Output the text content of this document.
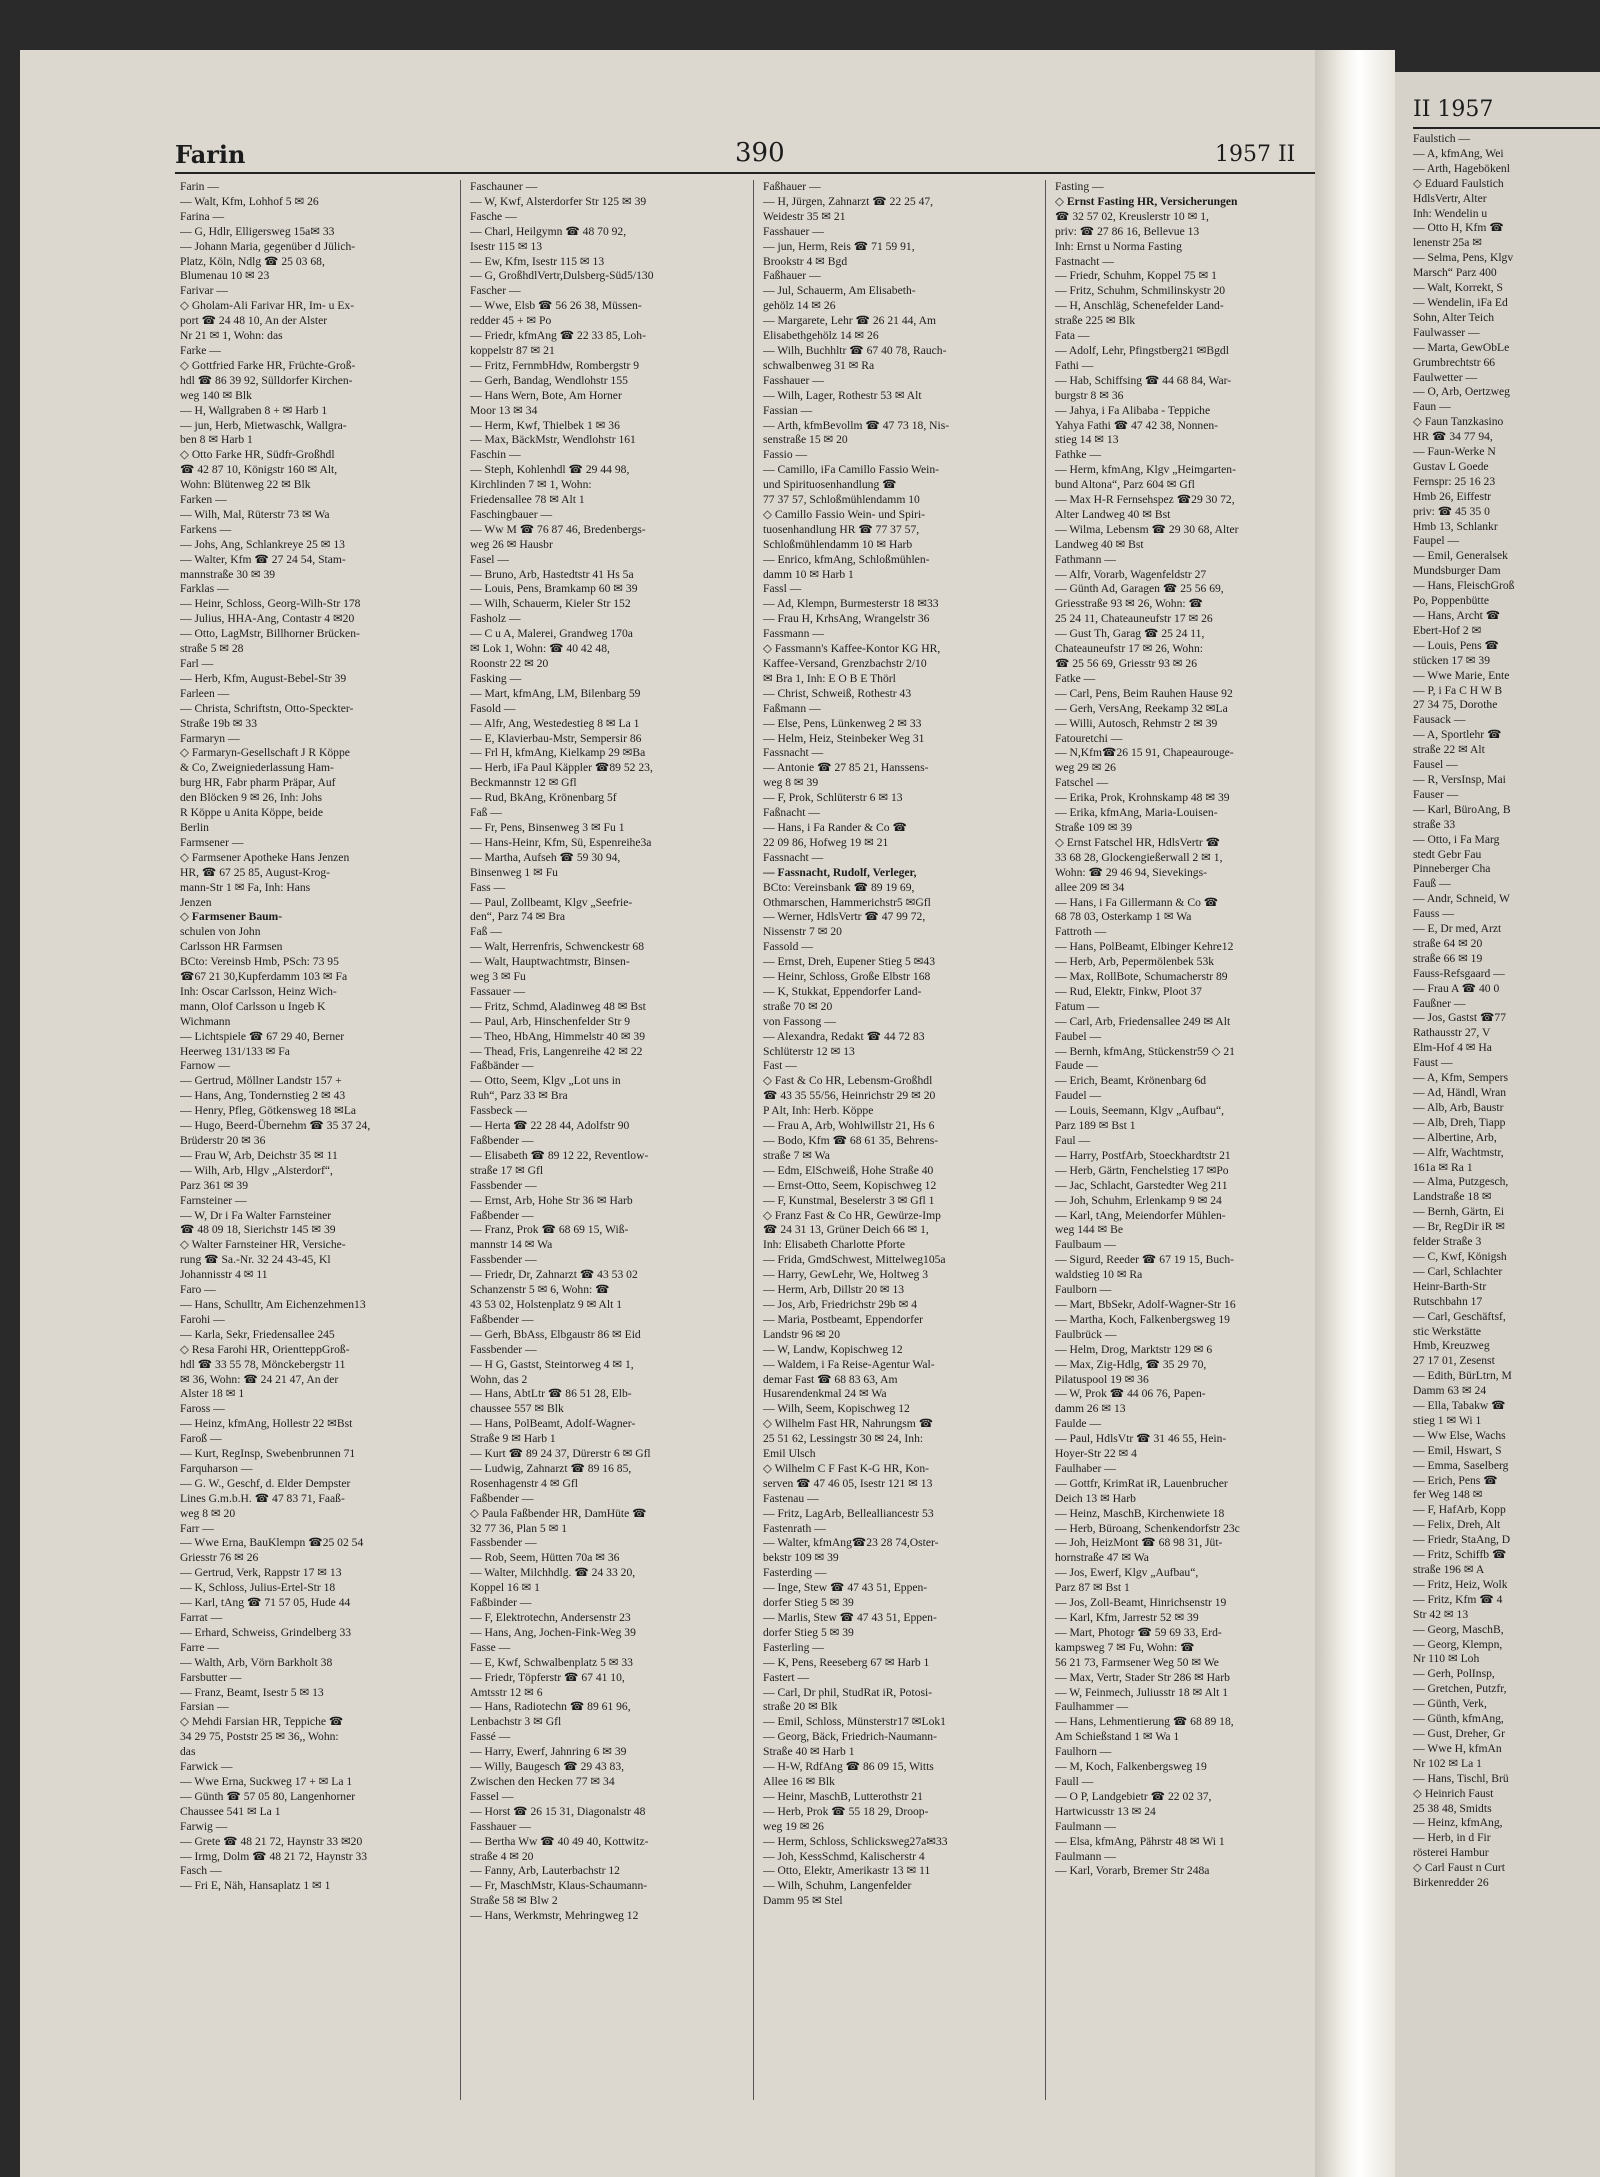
Farin	390	1957 II
Farin —
— Walt, Kfm, Lohhof 5 ✉ 26
Farina —
— G, Hdlr, Elligersweg 15a✉ 33
— Johann Maria, gegenüber d Jülich-
Platz, Köln, Ndlg ☎ 25 03 68,
Blumenau 10 ✉ 23
Farivar —
◇ Gholam-Ali Farivar HR, Im- u Ex-
port ☎ 24 48 10, An der Alster
Nr 21 ✉ 1, Wohn: das
Farke —
◇ Gottfried Farke HR, Früchte-Groß-
hdl ☎ 86 39 92, Sülldorfer Kirchen-
weg 140 ✉ Blk
— H, Wallgraben 8 + ✉ Harb 1
— jun, Herb, Mietwaschk, Wallgra-
ben 8 ✉ Harb 1
◇ Otto Farke HR, Südfr-Großhdl
☎ 42 87 10, Königstr 160 ✉ Alt,
Wohn: Blütenweg 22 ✉ Blk
Farken —
— Wilh, Mal, Rüterstr 73 ✉ Wa
Farkens —
— Johs, Ang, Schlankreye 25 ✉ 13
— Walter, Kfm ☎ 27 24 54, Stam-
mannstraße 30 ✉ 39
Farklas —
— Heinr, Schloss, Georg-Wilh-Str 178
— Julius, HHA-Ang, Contastr 4 ✉20
— Otto, LagMstr, Billhorner Brücken-
straße 5 ✉ 28
Farl —
— Herb, Kfm, August-Bebel-Str 39
Farleen —
— Christa, Schriftstn, Otto-Speckter-
Straße 19b ✉ 33
Farmaryn —
◇ Farmaryn-Gesellschaft J R Köppe
& Co, Zweigniederlassung Ham-
burg HR, Fabr pharm Präpar, Auf
den Blöcken 9 ✉ 26, Inh: Johs
R Köppe u Anita Köppe, beide
Berlin
Farmsener —
◇ Farmsener Apotheke Hans Jenzen
HR, ☎ 67 25 85, August-Krog-
mann-Str 1 ✉ Fa, Inh: Hans
Jenzen
◇ Farmsener Baum-
schulen von John
Carlsson HR Farmsen
BCto: Vereinsb Hmb, PSch: 73 95
☎67 21 30,Kupferdamm 103 ✉ Fa
Inh: Oscar Carlsson, Heinz Wich-
mann, Olof Carlsson u Ingeb K
Wichmann
— Lichtspiele ☎ 67 29 40, Berner
Heerweg 131/133 ✉ Fa
Farnow —
— Gertrud, Möllner Landstr 157 +
— Hans, Ang, Tondernstieg 2 ✉ 43
— Henry, Pfleg, Götkensweg 18 ✉La
— Hugo, Beerd-Übernehm ☎ 35 37 24,
Brüderstr 20 ✉ 36
— Frau W, Arb, Deichstr 35 ✉ 11
— Wilh, Arb, Hlgv „Alsterdorf“,
Parz 361 ✉ 39
Farnsteiner —
— W, Dr i Fa Walter Farnsteiner
☎ 48 09 18, Sierichstr 145 ✉ 39
◇ Walter Farnsteiner HR, Versiche-
rung ☎ Sa.-Nr. 32 24 43-45, Kl
Johannisstr 4 ✉ 11
Faro —
— Hans, Schulltr, Am Eichenzehmen13
Farohi —
— Karla, Sekr, Friedensallee 245
◇ Resa Farohi HR, OrientteppGroß-
hdl ☎ 33 55 78, Mönckebergstr 11
✉ 36, Wohn: ☎ 24 21 47, An der
Alster 18 ✉ 1
Faross —
— Heinz, kfmAng, Hollestr 22 ✉Bst
Faroß —
— Kurt, RegInsp, Swebenbrunnen 71
Farquharson —
— G. W., Geschf, d. Elder Dempster
Lines G.m.b.H. ☎ 47 83 71, Faaß-
weg 8 ✉ 20
Farr —
— Wwe Erna, BauKlempn ☎25 02 54
Griesstr 76 ✉ 26
— Gertrud, Verk, Rappstr 17 ✉ 13
— K, Schloss, Julius-Ertel-Str 18
— Karl, tAng ☎ 71 57 05, Hude 44
Farrat —
— Erhard, Schweiss, Grindelberg 33
Farre —
— Walth, Arb, Vörn Barkholt 38
Farsbutter —
— Franz, Beamt, Isestr 5 ✉ 13
Farsian —
◇ Mehdi Farsian HR, Teppiche ☎
34 29 75, Poststr 25 ✉ 36,, Wohn:
das
Farwick —
— Wwe Erna, Suckweg 17 + ✉ La 1
— Günth ☎ 57 05 80, Langenhorner
Chaussee 541 ✉ La 1
Farwig —
— Grete ☎ 48 21 72, Haynstr 33 ✉20
— Irmg, Dolm ☎ 48 21 72, Haynstr 33
Fasch —
— Fri E, Näh, Hansaplatz 1 ✉ 1
Faschauner —
— W, Kwf, Alsterdorfer Str 125 ✉ 39
Fasche —
— Charl, Heilgymn ☎ 48 70 92,
Isestr 115 ✉ 13
— Ew, Kfm, Isestr 115 ✉ 13
— G, GroßhdlVertr,Dulsberg-Süd5/130
Fascher —
— Wwe, Elsb ☎ 56 26 38, Müssen-
redder 45 + ✉ Po
— Friedr, kfmAng ☎ 22 33 85, Loh-
koppelstr 87 ✉ 21
— Fritz, FernmbHdw, Rombergstr 9
— Gerh, Bandag, Wendlohstr 155
— Hans Wern, Bote, Am Horner
Moor 13 ✉ 34
— Herm, Kwf, Thielbek 1 ✉ 36
— Max, BäckMstr, Wendlohstr 161
Faschin —
— Steph, Kohlenhdl ☎ 29 44 98,
Kirchlinden 7 ✉ 1, Wohn:
Friedensallee 78 ✉ Alt 1
Faschingbauer —
— Ww M ☎ 76 87 46, Bredenbergs-
weg 26 ✉ Hausbr
Fasel —
— Bruno, Arb, Hastedtstr 41 Hs 5a
— Louis, Pens, Bramkamp 60 ✉ 39
— Wilh, Schauerm, Kieler Str 152
Fasholz —
— C u A, Malerei, Grandweg 170a
✉ Lok 1, Wohn: ☎ 40 42 48,
Roonstr 22 ✉ 20
Fasking —
— Mart, kfmAng, LM, Bilenbarg 59
Fasold —
— Alfr, Ang, Westedestieg 8 ✉ La 1
— E, Klavierbau-Mstr, Sempersir 86
— Frl H, kfmAng, Kielkamp 29 ✉Ba
— Herb, iFa Paul Käppler ☎89 52 23,
Beckmannstr 12 ✉ Gfl
— Rud, BkAng, Krönenbarg 5f
Faß —
— Fr, Pens, Binsenweg 3 ✉ Fu 1
— Hans-Heinr, Kfm, Sü, Espenreihe3a
— Martha, Aufseh ☎ 59 30 94,
Binsenweg 1 ✉ Fu
Fass —
— Paul, Zollbeamt, Klgv „Seefrie-
den“, Parz 74 ✉ Bra
Faß —
— Walt, Herrenfris, Schwenckestr 68
— Walt, Hauptwachtmstr, Binsen-
weg 3 ✉ Fu
Fassauer —
— Fritz, Schmd, Aladinweg 48 ✉ Bst
— Paul, Arb, Hinschenfelder Str 9
— Theo, HbAng, Himmelstr 40 ✉ 39
— Thead, Fris, Langenreihe 42 ✉ 22
Faßbänder —
— Otto, Seem, Klgv „Lot uns in
Ruh“, Parz 33 ✉ Bra
Fassbeck —
— Herta ☎ 22 28 44, Adolfstr 90
Faßbender —
— Elisabeth ☎ 89 12 22, Reventlow-
straße 17 ✉ Gfl
Fassbender —
— Ernst, Arb, Hohe Str 36 ✉ Harb
Faßbender —
— Franz, Prok ☎ 68 69 15, Wiß-
mannstr 14 ✉ Wa
Fassbender —
— Friedr, Dr, Zahnarzt ☎ 43 53 02
Schanzenstr 5 ✉ 6, Wohn: ☎
43 53 02, Holstenplatz 9 ✉ Alt 1
Faßbender —
— Gerh, BbAss, Elbgaustr 86 ✉ Eid
Fassbender —
— H G, Gastst, Steintorweg 4 ✉ 1,
Wohn, das 2
— Hans, AbtLtr ☎ 86 51 28, Elb-
chaussee 557 ✉ Blk
— Hans, PolBeamt, Adolf-Wagner-
Straße 9 ✉ Harb 1
— Kurt ☎ 89 24 37, Dürerstr 6 ✉ Gfl
— Ludwig, Zahnarzt ☎ 89 16 85,
Rosenhagenstr 4 ✉ Gfl
Faßbender —
◇ Paula Faßbender HR, DamHüte ☎
32 77 36, Plan 5 ✉ 1
Fassbender —
— Rob, Seem, Hütten 70a ✉ 36
— Walter, Milchhdlg. ☎ 24 33 20,
Koppel 16 ✉ 1
Faßbinder —
— F, Elektrotechn, Andersenstr 23
— Hans, Ang, Jochen-Fink-Weg 39
Fasse —
— E, Kwf, Schwalbenplatz 5 ✉ 33
— Friedr, Töpferstr ☎ 67 41 10,
Amtsstr 12 ✉ 6
— Hans, Radiotechn ☎ 89 61 96,
Lenbachstr 3 ✉ Gfl
Fassé —
— Harry, Ewerf, Jahnring 6 ✉ 39
— Willy, Baugesch ☎ 29 43 83,
Zwischen den Hecken 77 ✉ 34
Fassel —
— Horst ☎ 26 15 31, Diagonalstr 48
Fasshauer —
— Bertha Ww ☎ 40 49 40, Kottwitz-
straße 4 ✉ 20
— Fanny, Arb, Lauterbachstr 12
— Fr, MaschMstr, Klaus-Schaumann-
Straße 58 ✉ Blw 2
— Hans, Werkmstr, Mehringweg 12
Faßhauer —
— H, Jürgen, Zahnarzt ☎ 22 25 47,
Weidestr 35 ✉ 21
Fasshauer —
— jun, Herm, Reis ☎ 71 59 91,
Brookstr 4 ✉ Bgd
Faßhauer —
— Jul, Schauerm, Am Elisabeth-
gehölz 14 ✉ 26
— Margarete, Lehr ☎ 26 21 44, Am
Elisabethgehölz 14 ✉ 26
— Wilh, Buchhltr ☎ 67 40 78, Rauch-
schwalbenweg 31 ✉ Ra
Fasshauer —
— Wilh, Lager, Rothestr 53 ✉ Alt
Fassian —
— Arth, kfmBevollm ☎ 47 73 18, Nis-
senstraße 15 ✉ 20
Fassio —
— Camillo, iFa Camillo Fassio Wein-
und Spirituosenhandlung ☎
77 37 57, Schloßmühlendamm 10
◇ Camillo Fassio Wein- und Spiri-
tuosenhandlung HR ☎ 77 37 57,
Schloßmühlendamm 10 ✉ Harb
— Enrico, kfmAng, Schloßmühlen-
damm 10 ✉ Harb 1
Fassl —
— Ad, Klempn, Burmesterstr 18 ✉33
— Frau H, KrhsAng, Wrangelstr 36
Fassmann —
◇ Fassmann's Kaffee-Kontor KG HR,
Kaffee-Versand, Grenzbachstr 2/10
✉ Bra 1, Inh: E O B E Thörl
— Christ, Schweiß, Rothestr 43
Faßmann —
— Else, Pens, Lünkenweg 2 ✉ 33
— Helm, Heiz, Steinbeker Weg 31
Fassnacht —
— Antonie ☎ 27 85 21, Hanssens-
weg 8 ✉ 39
— F, Prok, Schlüterstr 6 ✉ 13
Faßnacht —
— Hans, i Fa Rander & Co ☎
22 09 86, Hofweg 19 ✉ 21
Fassnacht —
— Fassnacht, Rudolf, Verleger,
BCto: Vereinsbank ☎ 89 19 69,
Othmarschen, Hammerichstr5 ✉Gfl
— Werner, HdlsVertr ☎ 47 99 72,
Nissenstr 7 ✉ 20
Fassold —
— Ernst, Dreh, Eupener Stieg 5 ✉43
— Heinr, Schloss, Große Elbstr 168
— K, Stukkat, Eppendorfer Land-
straße 70 ✉ 20
von Fassong —
— Alexandra, Redakt ☎ 44 72 83
Schlüterstr 12 ✉ 13
Fast —
◇ Fast & Co HR, Lebensm-Großhdl
☎ 43 35 55/56, Heinrichstr 29 ✉ 20
P Alt, Inh: Herb. Köppe
— Frau A, Arb, Wohlwillstr 21, Hs 6
— Bodo, Kfm ☎ 68 61 35, Behrens-
straße 7 ✉ Wa
— Edm, ElSchweiß, Hohe Straße 40
— Ernst-Otto, Seem, Kopischweg 12
— F, Kunstmal, Beselerstr 3 ✉ Gfl 1
◇ Franz Fast & Co HR, Gewürze-Imp
☎ 24 31 13, Grüner Deich 66 ✉ 1,
Inh: Elisabeth Charlotte Pforte
— Frida, GmdSchwest, Mittelweg105a
— Harry, GewLehr, We, Holtweg 3
— Herm, Arb, Dillstr 20 ✉ 13
— Jos, Arb, Friedrichstr 29b ✉ 4
— Maria, Postbeamt, Eppendorfer
Landstr 96 ✉ 20
— W, Landw, Kopischweg 12
— Waldem, i Fa Reise-Agentur Wal-
demar Fast ☎ 68 83 63, Am
Husarendenkmal 24 ✉ Wa
— Wilh, Seem, Kopischweg 12
◇ Wilhelm Fast HR, Nahrungsm ☎
25 51 62, Lessingstr 30 ✉ 24, Inh:
Emil Ulsch
◇ Wilhelm C F Fast K-G HR, Kon-
serven ☎ 47 46 05, Isestr 121 ✉ 13
Fastenau —
— Fritz, LagArb, Bellealliancestr 53
Fastenrath —
— Walter, kfmAng☎23 28 74,Oster-
bekstr 109 ✉ 39
Fasterding —
— Inge, Stew ☎ 47 43 51, Eppen-
dorfer Stieg 5 ✉ 39
— Marlis, Stew ☎ 47 43 51, Eppen-
dorfer Stieg 5 ✉ 39
Fasterling —
— K, Pens, Reeseberg 67 ✉ Harb 1
Fastert —
— Carl, Dr phil, StudRat iR, Potosi-
straße 20 ✉ Blk
— Emil, Schloss, Münsterstr17 ✉Lok1
— Georg, Bäck, Friedrich-Naumann-
Straße 40 ✉ Harb 1
— H-W, RdfAng ☎ 86 09 15, Witts
Allee 16 ✉ Blk
— Heinr, MaschB, Lutterothstr 21
— Herb, Prok ☎ 55 18 29, Droop-
weg 19 ✉ 26
— Herm, Schloss, Schlicksweg27a✉33
— Joh, KessSchmd, Kalischerstr 4
— Otto, Elektr, Amerikastr 13 ✉ 11
— Wilh, Schuhm, Langenfelder
Damm 95 ✉ Stel
Fasting —
◇ Ernst Fasting HR, Versicherungen
☎ 32 57 02, Kreuslerstr 10 ✉ 1,
priv: ☎ 27 86 16, Bellevue 13
Inh: Ernst u Norma Fasting
Fastnacht —
— Friedr, Schuhm, Koppel 75 ✉ 1
— Fritz, Schuhm, Schmilinskystr 20
— H, Anschläg, Schenefelder Land-
straße 225 ✉ Blk
Fata —
— Adolf, Lehr, Pfingstberg21 ✉Bgdl
Fathi —
— Hab, Schiffsing ☎ 44 68 84, War-
burgstr 8 ✉ 36
— Jahya, i Fa Alibaba - Teppiche
Yahya Fathi ☎ 47 42 38, Nonnen-
stieg 14 ✉ 13
Fathke —
— Herm, kfmAng, Klgv „Heimgarten-
bund Altona“, Parz 604 ✉ Gfl
— Max H-R Fernsehspez ☎29 30 72,
Alter Landweg 40 ✉ Bst
— Wilma, Lebensm ☎ 29 30 68, Alter
Landweg 40 ✉ Bst
Fathmann —
— Alfr, Vorarb, Wagenfeldstr 27
— Günth Ad, Garagen ☎ 25 56 69,
Griesstraße 93 ✉ 26, Wohn: ☎
25 24 11, Chateauneufstr 17 ✉ 26
— Gust Th, Garag ☎ 25 24 11,
Chateauneufstr 17 ✉ 26, Wohn:
☎ 25 56 69, Griesstr 93 ✉ 26
Fatke —
— Carl, Pens, Beim Rauhen Hause 92
— Gerh, VersAng, Reekamp 32 ✉La
— Willi, Autosch, Rehmstr 2 ✉ 39
Fatouretchi —
— N,Kfm☎26 15 91, Chapeaurouge-
weg 29 ✉ 26
Fatschel —
— Erika, Prok, Krohnskamp 48 ✉ 39
— Erika, kfmAng, Maria-Louisen-
Straße 109 ✉ 39
◇ Ernst Fatschel HR, HdlsVertr ☎
33 68 28, Glockengießerwall 2 ✉ 1,
Wohn: ☎ 29 46 94, Sievekings-
allee 209 ✉ 34
— Hans, i Fa Gillermann & Co ☎
68 78 03, Osterkamp 1 ✉ Wa
Fattroth —
— Hans, PolBeamt, Elbinger Kehre12
— Herb, Arb, Pepermölenbek 53k
— Max, RollBote, Schumacherstr 89
— Rud, Elektr, Finkw, Ploot 37
Fatum —
— Carl, Arb, Friedensallee 249 ✉ Alt
Faubel —
— Bernh, kfmAng, Stückenstr59 ◇ 21
Faude —
— Erich, Beamt, Krönenbarg 6d
Faudel —
— Louis, Seemann, Klgv „Aufbau“,
Parz 189 ✉ Bst 1
Faul —
— Harry, PostfArb, Stoeckhardtstr 21
— Herb, Gärtn, Fenchelstieg 17 ✉Po
— Jac, Schlacht, Garstedter Weg 211
— Joh, Schuhm, Erlenkamp 9 ✉ 24
— Karl, tAng, Meiendorfer Mühlen-
weg 144 ✉ Be
Faulbaum —
— Sigurd, Reeder ☎ 67 19 15, Buch-
waldstieg 10 ✉ Ra
Faulborn —
— Mart, BbSekr, Adolf-Wagner-Str 16
— Martha, Koch, Falkenbergsweg 19
Faulbrück —
— Helm, Drog, Marktstr 129 ✉ 6
— Max, Zig-Hdlg, ☎ 35 29 70,
Pilatuspool 19 ✉ 36
— W, Prok ☎ 44 06 76, Papen-
damm 26 ✉ 13
Faulde —
— Paul, HdlsVtr ☎ 31 46 55, Hein-
Hoyer-Str 22 ✉ 4
Faulhaber —
— Gottfr, KrimRat iR, Lauenbrucher
Deich 13 ✉ Harb
— Heinz, MaschB, Kirchenwiete 18
— Herb, Büroang, Schenkendorfstr 23c
— Joh, HeizMont ☎ 68 98 31, Jüt-
hornstraße 47 ✉ Wa
— Jos, Ewerf, Klgv „Aufbau“,
Parz 87 ✉ Bst 1
— Jos, Zoll-Beamt, Hinrichsenstr 19
— Karl, Kfm, Jarrestr 52 ✉ 39
— Mart, Photogr ☎ 59 69 33, Erd-
kampsweg 7 ✉ Fu, Wohn: ☎
56 21 73, Farmsener Weg 50 ✉ We
— Max, Vertr, Stader Str 286 ✉ Harb
— W, Feinmech, Juliusstr 18 ✉ Alt 1
Faulhammer —
— Hans, Lehmentierung ☎ 68 89 18,
Am Schießstand 1 ✉ Wa 1
Faulhorn —
— M, Koch, Falkenbergsweg 19
Faull —
— O P, Landgebietr ☎ 22 02 37,
Hartwicusstr 13 ✉ 24
Faulmann —
— Elsa, kfmAng, Pährstr 48 ✉ Wi 1
Faulmann —
— Karl, Vorarb, Bremer Str 248a
II 1957
Faulstich —
— A, kfmAng, Wei
— Arth, Hagebökenl
◇ Eduard Faulstich
HdlsVertr, Alter
Inh: Wendelin u
— Otto H, Kfm ☎
lenenstr 25a ✉
— Selma, Pens, Klgv
Marsch“ Parz 400
— Walt, Korrekt, S
— Wendelin, iFa Ed
Sohn, Alter Teich
Faulwasser —
— Marta, GewObLe
Grumbrechtstr 66
Faulwetter —
— O, Arb, Oertzweg
Faun —
◇ Faun Tanzkasino
HR ☎ 34 77 94,
— Faun-Werke N
Gustav L Goede
Fernspr: 25 16 23
Hmb 26, Eiffestr
priv: ☎ 45 35 0
Hmb 13, Schlankr
Faupel —
— Emil, Generalsek
Mundsburger Dam
— Hans, FleischGroß
Po, Poppenbütte
— Hans, Archt ☎
Ebert-Hof 2 ✉
— Louis, Pens ☎
stücken 17 ✉ 39
— Wwe Marie, Ente
— P, i Fa C H W B
27 34 75, Dorothe
Fausack —
— A, Sportlehr ☎
straße 22 ✉ Alt
Fausel —
— R, VersInsp, Mai
Fauser —
— Karl, BüroAng, B
straße 33
— Otto, i Fa Marg
stedt Gebr Fau
Pinneberger Cha
Fauß —
— Andr, Schneid, W
Fauss —
— E, Dr med, Arzt
straße 64 ✉ 20
straße 66 ✉ 19
Fauss-Refsgaard —
— Frau A ☎ 40 0
Faußner —
— Jos, Gastst ☎77
Rathausstr 27, V
Elm-Hof 4 ✉ Ha
Faust —
— A, Kfm, Sempers
— Ad, Händl, Wran
— Alb, Arb, Baustr
— Alb, Dreh, Tiapp
— Albertine, Arb,
— Alfr, Wachtmstr,
161a ✉ Ra 1
— Alma, Putzgesch,
Landstraße 18 ✉
— Bernh, Gärtn, Ei
— Br, RegDir iR ✉
felder Straße 3
— C, Kwf, Königsh
— Carl, Schlachter
Heinr-Barth-Str
Rutschbahn 17
— Carl, Geschäftsf,
stic Werkstätte
Hmb, Kreuzweg
27 17 01, Zesenst
— Edith, BürLtrn, M
Damm 63 ✉ 24
— Ella, Tabakw ☎
stieg 1 ✉ Wi 1
— Ww Else, Wachs
— Emil, Hswart, S
— Emma, Saselberg
— Erich, Pens ☎
fer Weg 148 ✉
— F, HafArb, Kopp
— Felix, Dreh, Alt
— Friedr, StaAng, D
— Fritz, Schiffb ☎
straße 196 ✉ A
— Fritz, Heiz, Wolk
— Fritz, Kfm ☎ 4
Str 42 ✉ 13
— Georg, MaschB,
— Georg, Klempn,
Nr 110 ✉ Loh
— Gerh, PolInsp,
— Gretchen, Putzfr,
— Günth, Verk,
— Günth, kfmAng,
— Gust, Dreher, Gr
— Wwe H, kfmAn
Nr 102 ✉ La 1
— Hans, Tischl, Brü
◇ Heinrich Faust
25 38 48, Smidts
— Heinz, kfmAng,
— Herb, in d Fir
rösterei Hambur
◇ Carl Faust n Curt
Birkenredder 26
